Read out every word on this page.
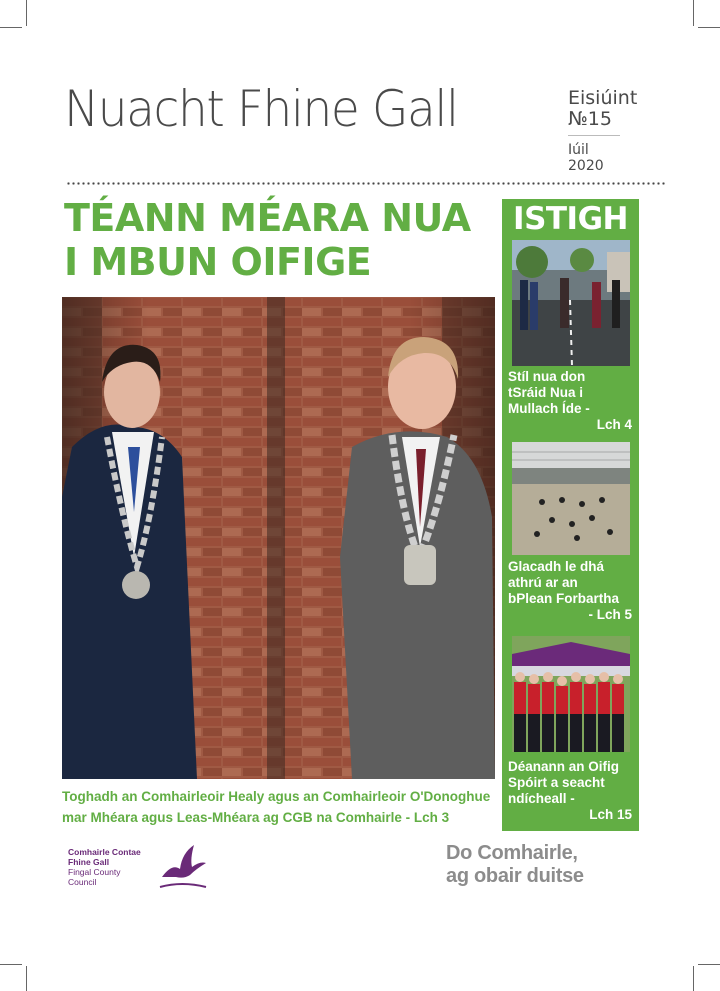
Nuacht Fhine Gall	Eisiúint
№15
Iúil
2020
TÉANN MÉARA NUA
I MBUN OIFIGE
Toghadh an Comhairleoir Healy agus an Comhairleoir O'Donoghue
mar Mhéara agus Leas-Mhéara ag CGB na Comhairle - Lch 3
ISTIGH
Stíl nua don
tSráid Nua i
Mullach Íde -
Lch 4
Glacadh le dhá
athrú ar an
bPlean Forbartha
- Lch 5
Déanann an Oifig
Spóirt a seacht
ndícheall -
Lch 15
Comhairle Contae
Fhine Gall
Fingal County
Council
Do Comhairle,
ag obair duitse
